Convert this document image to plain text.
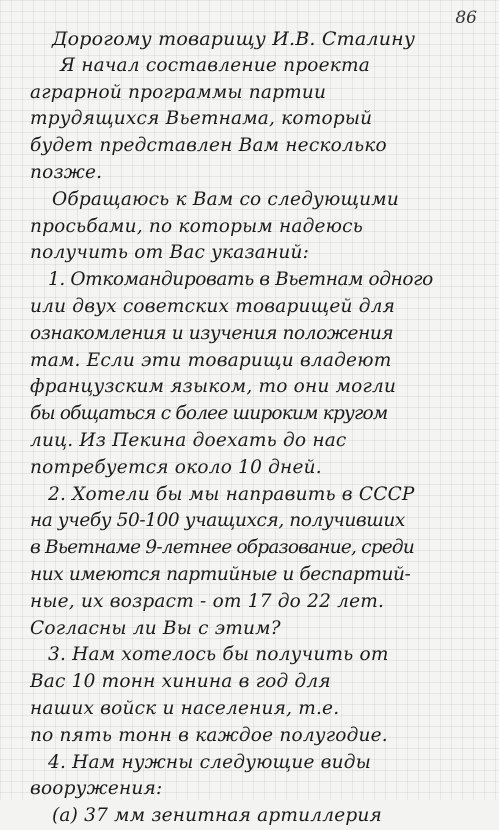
86
Дорогому товарищу И.В. Сталину
Я начал составление проекта
аграрной программы партии
трудящихся Вьетнама, который
будет представлен Вам несколько
позже.
Обращаюсь к Вам со следующими
просьбами, по которым надеюсь
получить от Вас указаний:
1. Откомандировать в Вьетнам одного
или двух советских товарищей для
ознакомления и изучения положения
там. Если эти товарищи владеют
французским языком, то они могли
бы общаться с более широким кругом
лиц. Из Пекина доехать до нас
потребуется около 10 дней.
2. Хотели бы мы направить в СССР
на учебу 50-100 учащихся, получивших
в Вьетнаме 9-летнее образование, среди
них имеются партийные и беспартий-
ные, их возраст - от 17 до 22 лет.
Согласны ли Вы с этим?
3. Нам хотелось бы получить от
Вас 10 тонн хинина в год для
наших войск и населения, т.е.
по пять тонн в каждое полугодие.
4. Нам нужны следующие виды
вооружения:
(а) 37 мм зенитная артиллерия
